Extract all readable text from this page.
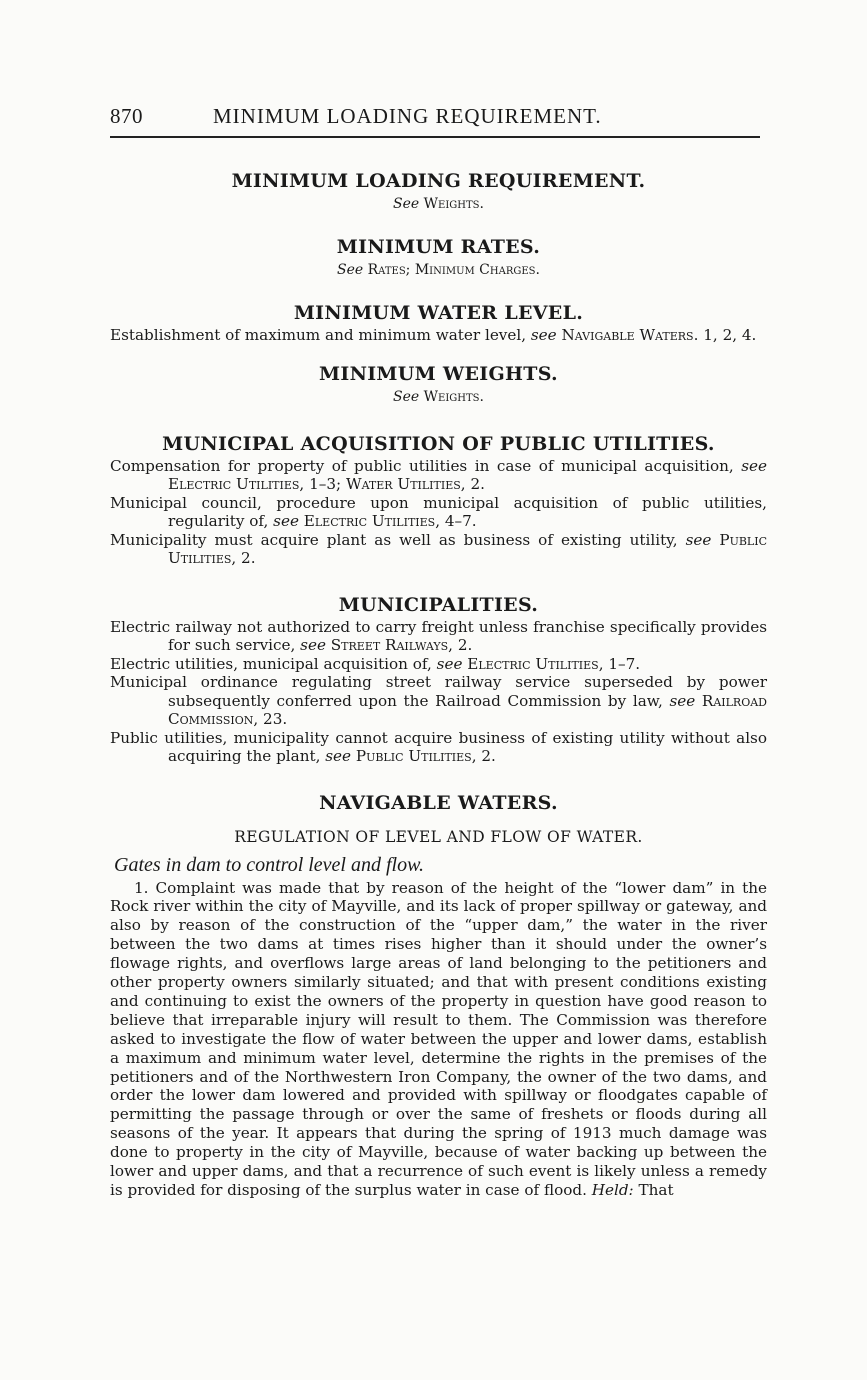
870	MINIMUM LOADING REQUIREMENT.
MINIMUM LOADING REQUIREMENT.

See Weights.

MINIMUM RATES.

See Rates; Minimum Charges.

MINIMUM WATER LEVEL.

Establishment of maximum and minimum water level, see Navigable Waters. 1, 2, 4.

MINIMUM WEIGHTS.

See Weights.

MUNICIPAL ACQUISITION OF PUBLIC UTILITIES.

Compensation for property of public utilities in case of municipal acquisition, see Electric Utilities, 1–3; Water Utilities, 2.

Municipal council, procedure upon municipal acquisition of public utilities, regularity of, see Electric Utilities, 4–7.

Municipality must acquire plant as well as business of existing utility, see Public Utilities, 2.

MUNICIPALITIES.

Electric railway not authorized to carry freight unless franchise specifically provides for such service, see Street Railways, 2.

Electric utilities, municipal acquisition of, see Electric Utilities, 1–7.

Municipal ordinance regulating street railway service superseded by power subsequently conferred upon the Railroad Commission by law, see Railroad Commission, 23.

Public utilities, municipality cannot acquire business of existing utility without also acquiring the plant, see Public Utilities, 2.

NAVIGABLE WATERS.

REGULATION OF LEVEL AND FLOW OF WATER.

Gates in dam to control level and flow.

1. Complaint was made that by reason of the height of the “lower dam” in the Rock river within the city of Mayville, and its lack of proper spillway or gateway, and also by reason of the construction of the “upper dam,” the water in the river between the two dams at times rises higher than it should under the owner’s flowage rights, and overflows large areas of land belonging to the petitioners and other property owners similarly situated; and that with present conditions existing and continuing to exist the owners of the property in question have good reason to believe that irreparable injury will result to them. The Commission was therefore asked to investigate the flow of water between the upper and lower dams, establish a maximum and minimum water level, determine the rights in the premises of the petitioners and of the Northwestern Iron Company, the owner of the two dams, and order the lower dam lowered and provided with spillway or floodgates capable of permitting the passage through or over the same of freshets or floods during all seasons of the year. It appears that during the spring of 1913 much damage was done to property in the city of Mayville, because of water backing up between the lower and upper dams, and that a recurrence of such event is likely unless a remedy is provided for disposing of the surplus water in case of flood. Held: That
